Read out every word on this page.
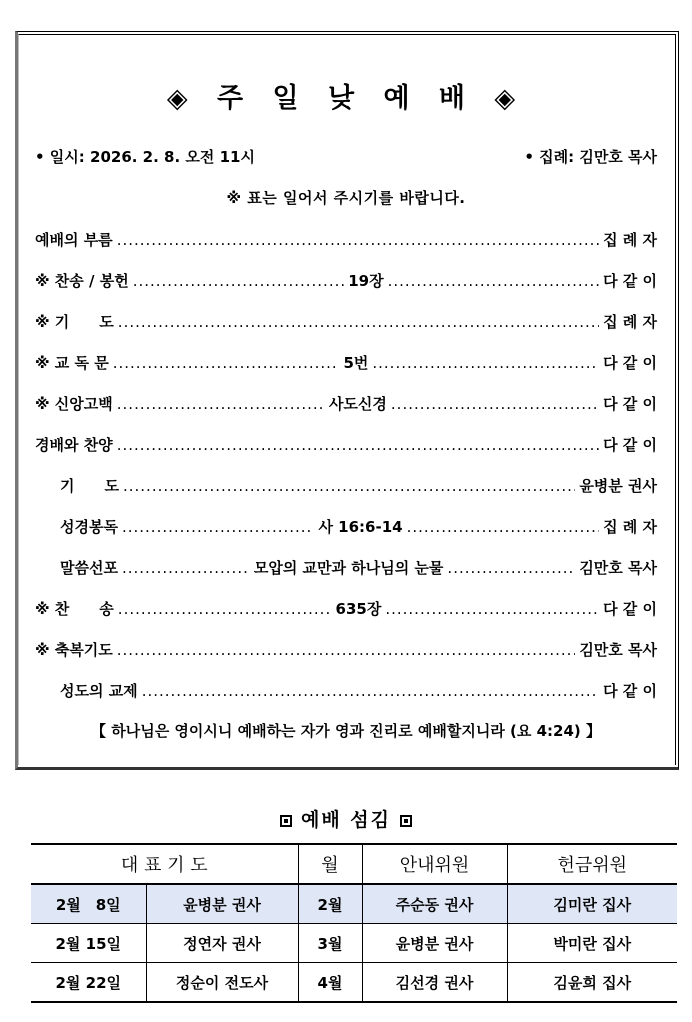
◈ 주 일 낮 예 배 ◈
• 일시: 2026. 2. 8. 오전 11시	• 집례: 김만호 목사
※ 표는 일어서 주시기를 바랍니다.
예배의 부름 .....	집 례 자
※ 찬송 / 봉헌 .....	19장 .....	다 같 이
※ 기　　도 .....	집 례 자
※ 교 독 문 .....	5번 .....	다 같 이
※ 신앙고백 .....	사도신경 .....	다 같 이
경배와 찬양 .....	다 같 이
기　　도 .....	윤병분 권사
성경봉독 .....	사 16:6-14 .....	집 례 자
말씀선포 .....	모압의 교만과 하나님의 눈물 .....	김만호 목사
※ 찬　　송 .....	635장 .....	다 같 이
※ 축복기도 .....	김만호 목사
성도의 교제 .....	다 같 이
【 하나님은 영이시니 예배하는 자가 영과 진리로 예배할지니라 (요 4:24) 】
예배 섬김
대 표 기 도		월	안내위원	헌금위원
2월　8일	윤병분 권사	2월	주순동 권사	김미란 집사
2월 15일	정연자 권사	3월	윤병분 권사	박미란 집사
2월 22일	정순이 전도사	4월	김선경 권사	김윤희 집사
